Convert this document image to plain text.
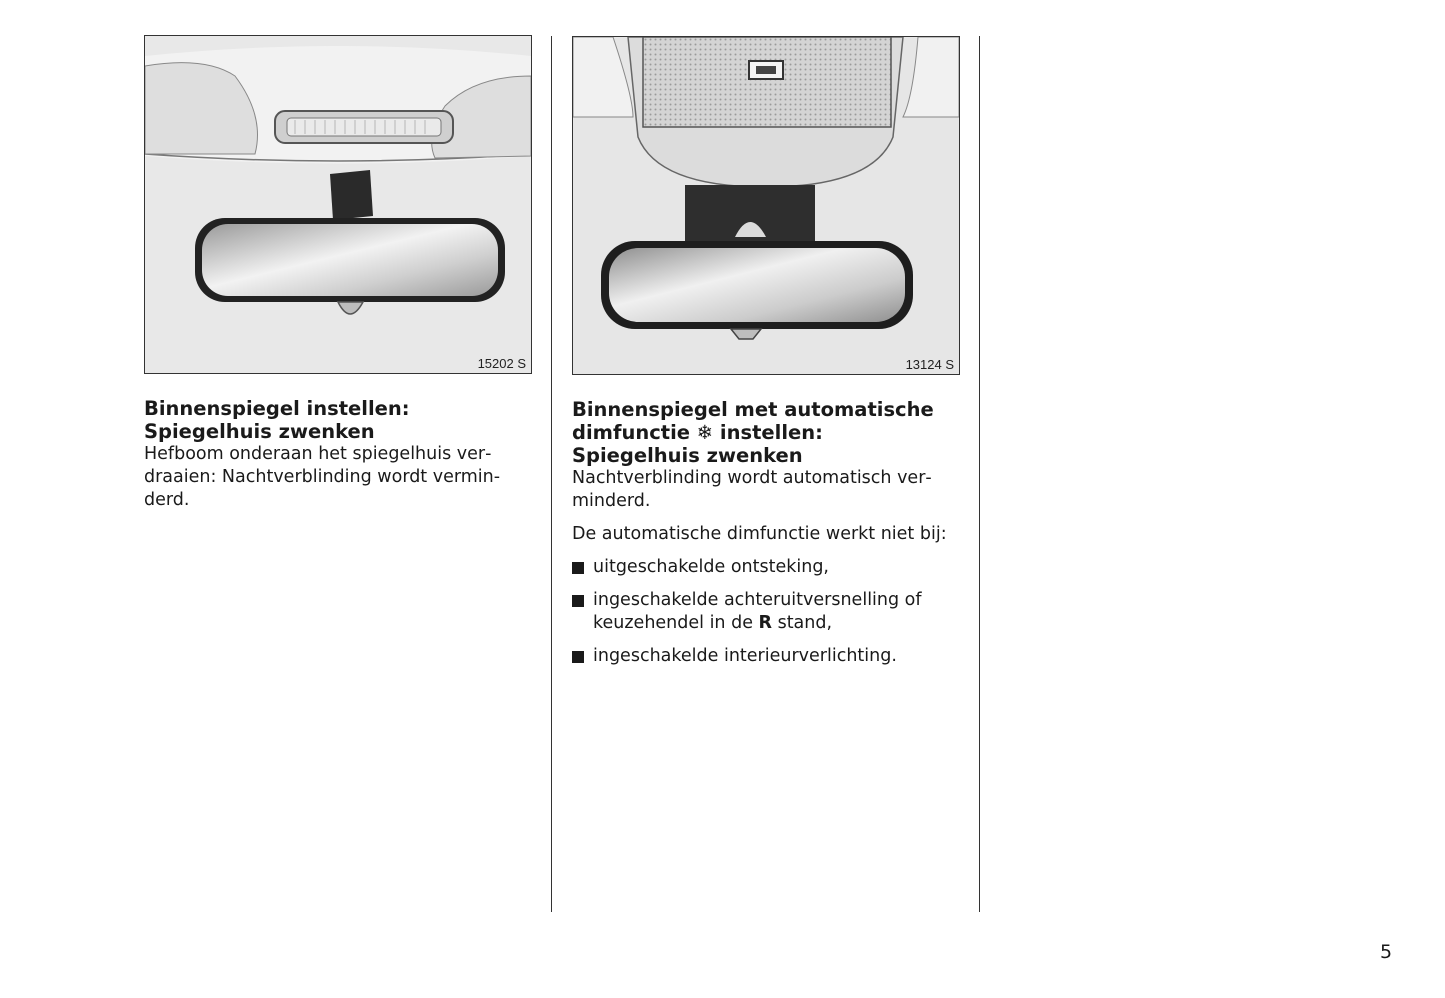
15202 S	13124 S
Binnenspiegel instellen:
Spiegelhuis zwenken

Hefboom onderaan het spiegelhuis verdraaien: Nachtverblinding wordt verminderd.

Binnenspiegel met automatische
dimfunctie ❄ instellen:
Spiegelhuis zwenken

Nachtverblinding wordt automatisch verminderd.

De automatische dimfunctie werkt niet bij:

uitgeschakelde ontsteking,
ingeschakelde achteruitversnelling of keuzehendel in de R stand,
ingeschakelde interieurverlichting.
5
